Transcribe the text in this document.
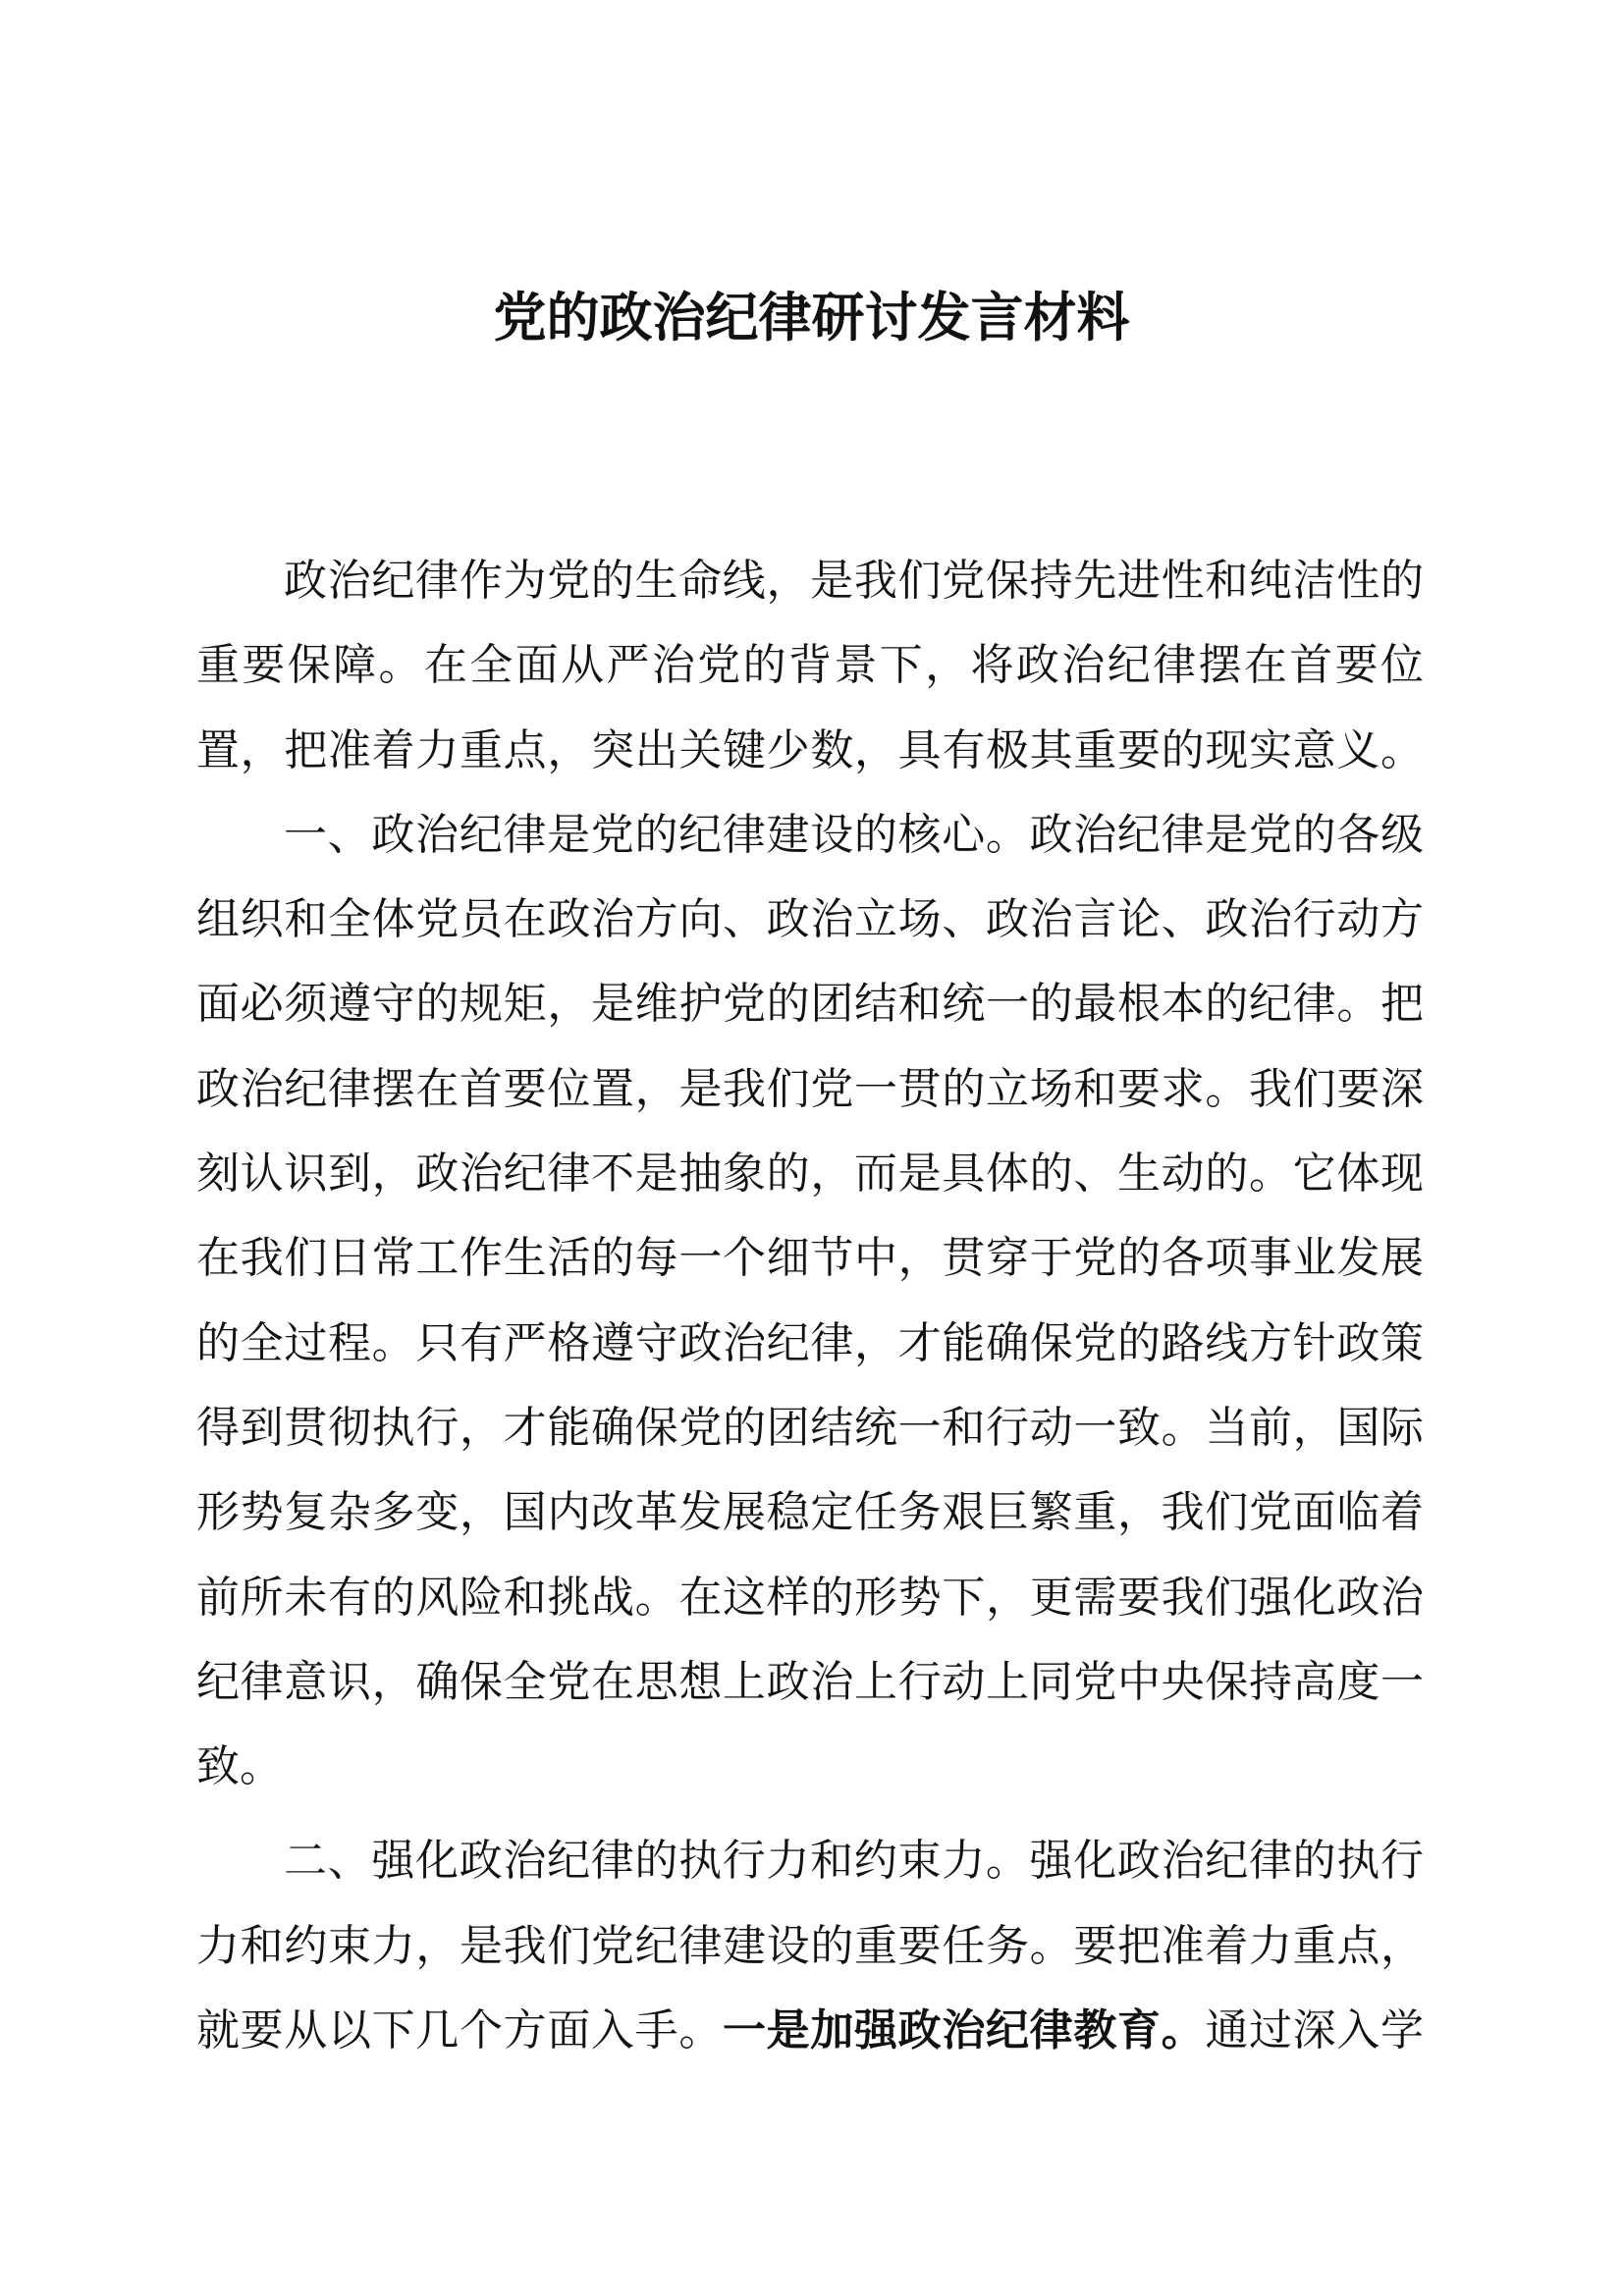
党的政治纪律研讨发言材料
政治纪律作为党的生命线，是我们党保持先进性和纯洁性的
重要保障。在全面从严治党的背景下，将政治纪律摆在首要位
置，把准着力重点，突出关键少数，具有极其重要的现实意义。
一、政治纪律是党的纪律建设的核心。政治纪律是党的各级
组织和全体党员在政治方向、政治立场、政治言论、政治行动方
面必须遵守的规矩，是维护党的团结和统一的最根本的纪律。把
政治纪律摆在首要位置，是我们党一贯的立场和要求。我们要深
刻认识到，政治纪律不是抽象的，而是具体的、生动的。它体现
在我们日常工作生活的每一个细节中，贯穿于党的各项事业发展
的全过程。只有严格遵守政治纪律，才能确保党的路线方针政策
得到贯彻执行，才能确保党的团结统一和行动一致。当前，国际
形势复杂多变，国内改革发展稳定任务艰巨繁重，我们党面临着
前所未有的风险和挑战。在这样的形势下，更需要我们强化政治
纪律意识，确保全党在思想上政治上行动上同党中央保持高度一
致。
二、强化政治纪律的执行力和约束力。强化政治纪律的执行
力和约束力，是我们党纪律建设的重要任务。要把准着力重点，
就要从以下几个方面入手。一是加强政治纪律教育。通过深入学
